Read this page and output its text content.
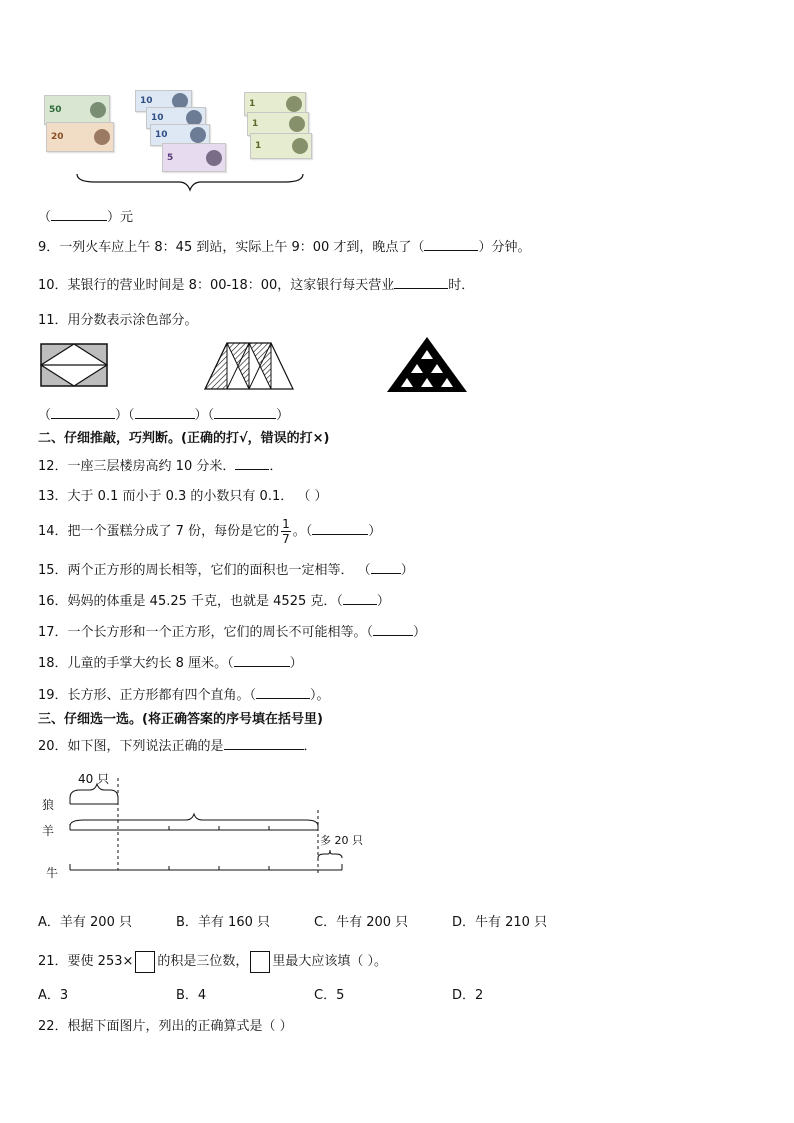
50
20
10
10
10
5
1
1
1
（	）元
9．一列火车应上午 8：45 到站，实际上午 9：00 才到，晚点了（	）分钟。
10．某银行的营业时间是 8：00-18：00，这家银行每天营业	时．
11．用分数表示涂色部分。
（	）（	）（	）
二、仔细推敲，巧判断。(正确的打√，错误的打×)
12．一座三层楼房高约 10 分米．	．
13．大于 0.1 而小于 0.3 的小数只有 0.1． （ ）
14．把一个蛋糕分成了 7 份，每份是它的 $\frac{1}{7}$ 。（	）
15．两个正方形的周长相等，它们的面积也一定相等． （ ）
16．妈妈的体重是 45.25 千克，也就是 4525 克．（	）
17．一个长方形和一个正方形，它们的周长不可能相等。（	）
18．儿童的手掌大约长 8 厘米。（	）
19．长方形、正方形都有四个直角。（	）。
三、仔细选一选。(将正确答案的序号填在括号里)
20．如下图，下列说法正确的是	．
40 只
狼
羊
牛
多 20 只
A．羊有 200 只	B．羊有 160 只	C．牛有 200 只	D．牛有 210 只
21．要使 253× 的积是三位数， 里最大应该填（ ）。
A．3	B．4	C．5	D．2
22．根据下面图片，列出的正确算式是（ ）
